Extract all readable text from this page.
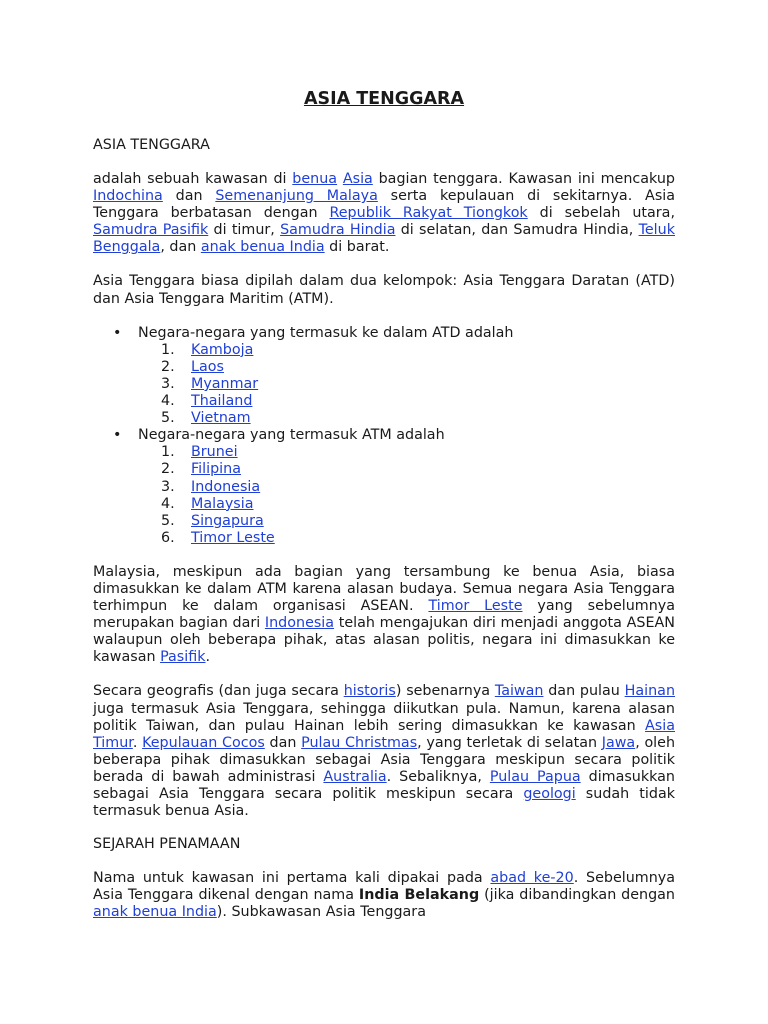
ASIA TENGGARA
ASIA TENGGARA

adalah sebuah kawasan di benua Asia bagian tenggara. Kawasan ini mencakup Indochina dan Semenanjung Malaya serta kepulauan di sekitarnya. Asia Tenggara berbatasan dengan Republik Rakyat Tiongkok di sebelah utara, Samudra Pasifik di timur, Samudra Hindia di selatan, dan Samudra Hindia, Teluk Benggala, dan anak benua India di barat.

Asia Tenggara biasa dipilah dalam dua kelompok: Asia Tenggara Daratan (ATD) dan Asia Tenggara Maritim (ATM).

• Negara-negara yang termasuk ke dalam ATD adalah
1. Kamboja
2. Laos
3. Myanmar
4. Thailand
5. Vietnam
• Negara-negara yang termasuk ATM adalah
1. Brunei
2. Filipina
3. Indonesia
4. Malaysia
5. Singapura
6. Timor Leste

Malaysia, meskipun ada bagian yang tersambung ke benua Asia, biasa dimasukkan ke dalam ATM karena alasan budaya. Semua negara Asia Tenggara terhimpun ke dalam organisasi ASEAN. Timor Leste yang sebelumnya merupakan bagian dari Indonesia telah mengajukan diri menjadi anggota ASEAN walaupun oleh beberapa pihak, atas alasan politis, negara ini dimasukkan ke kawasan Pasifik.

Secara geografis (dan juga secara historis) sebenarnya Taiwan dan pulau Hainan juga termasuk Asia Tenggara, sehingga diikutkan pula. Namun, karena alasan politik Taiwan, dan pulau Hainan lebih sering dimasukkan ke kawasan Asia Timur. Kepulauan Cocos dan Pulau Christmas, yang terletak di selatan Jawa, oleh beberapa pihak dimasukkan sebagai Asia Tenggara meskipun secara politik berada di bawah administrasi Australia. Sebaliknya, Pulau Papua dimasukkan sebagai Asia Tenggara secara politik meskipun secara geologi sudah tidak termasuk benua Asia.

SEJARAH PENAMAAN

Nama untuk kawasan ini pertama kali dipakai pada abad ke-20. Sebelumnya Asia Tenggara dikenal dengan nama India Belakang (jika dibandingkan dengan anak benua India). Subkawasan Asia Tenggara
